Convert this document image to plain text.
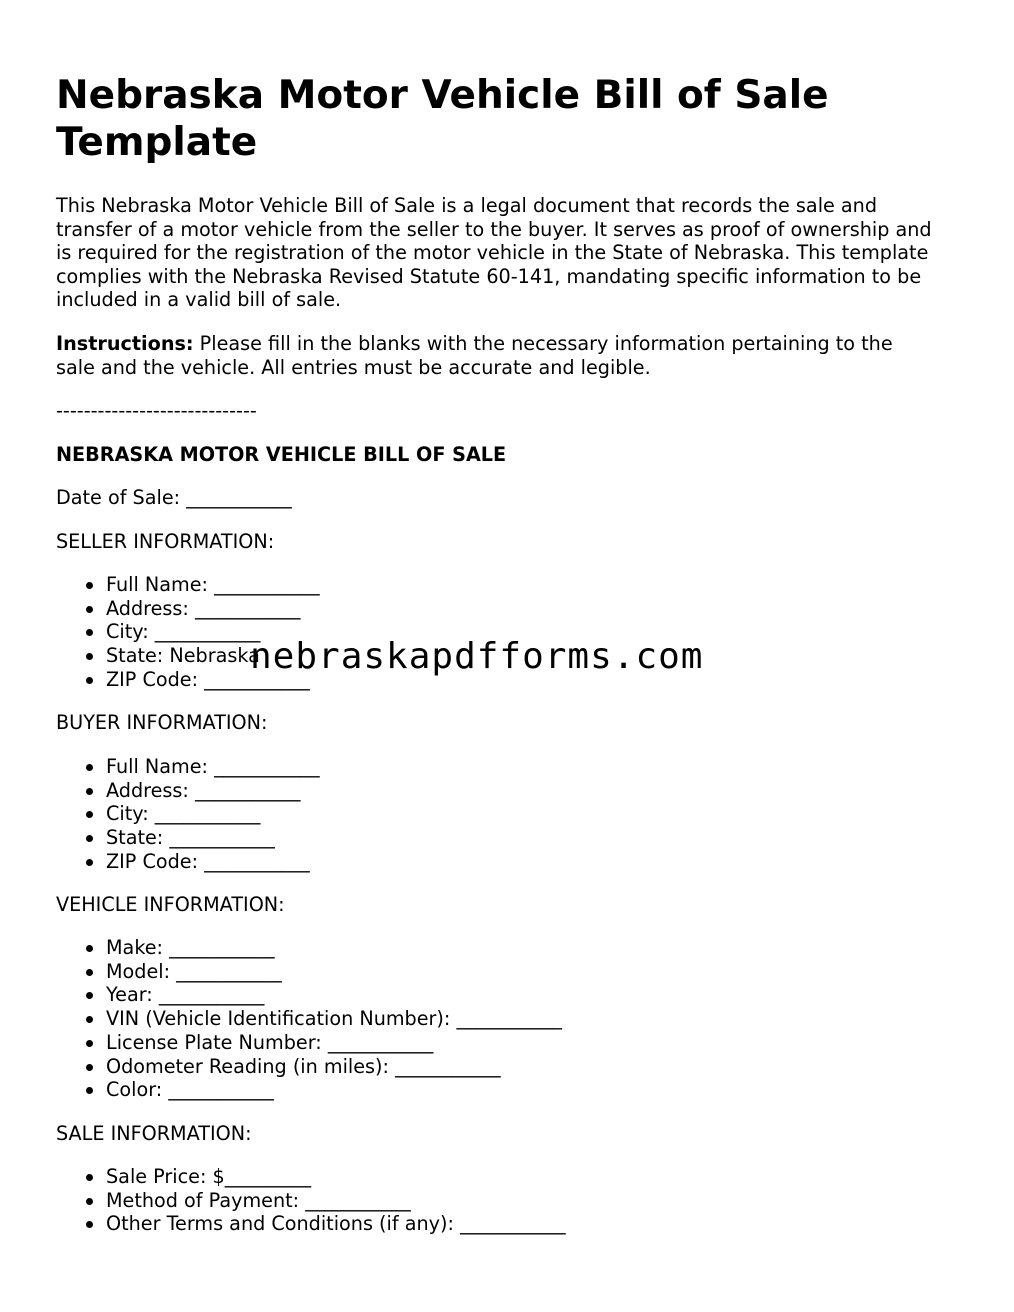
Nebraska Motor Vehicle Bill of Sale Template

This Nebraska Motor Vehicle Bill of Sale is a legal document that records the sale and transfer of a motor vehicle from the seller to the buyer. It serves as proof of ownership and is required for the registration of the motor vehicle in the State of Nebraska. This template complies with the Nebraska Revised Statute 60-141, mandating specific information to be included in a valid bill of sale.

Instructions: Please fill in the blanks with the necessary information pertaining to the sale and the vehicle. All entries must be accurate and legible.

-----------------------------

NEBRASKA MOTOR VEHICLE BILL OF SALE

Date of Sale: ___________

SELLER INFORMATION:

Full Name: ___________
Address: ___________
City: ___________
State: Nebraska
ZIP Code: ___________

BUYER INFORMATION:

Full Name: ___________
Address: ___________
City: ___________
State: ___________
ZIP Code: ___________

VEHICLE INFORMATION:

Make: ___________
Model: ___________
Year: ___________
VIN (Vehicle Identification Number): ___________
License Plate Number: ___________
Odometer Reading (in miles): ___________
Color: ___________

SALE INFORMATION:

Sale Price: $_________
Method of Payment: ___________
Other Terms and Conditions (if any): ___________
nebraskapdfforms.com
